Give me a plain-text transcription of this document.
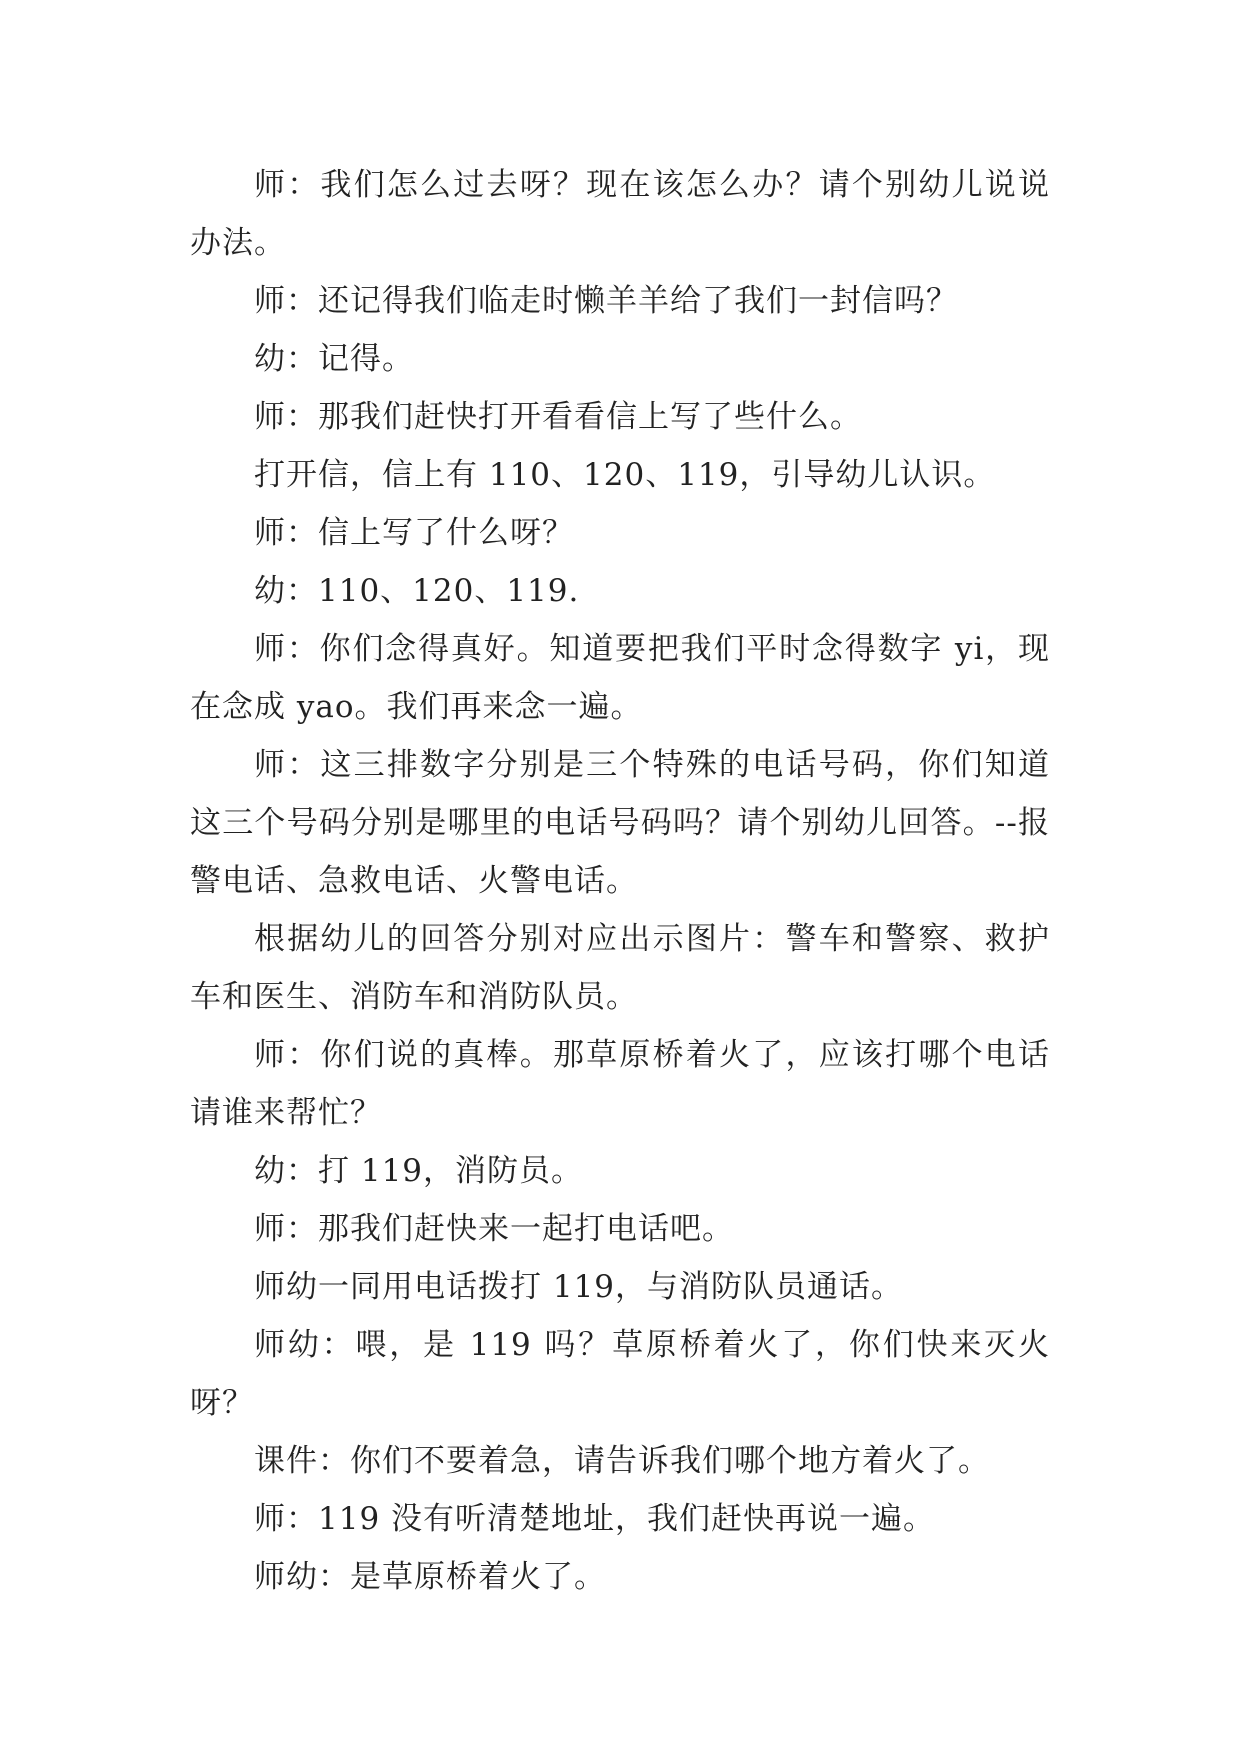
师：我们怎么过去呀？现在该怎么办？请个别幼儿说说办法。

师：还记得我们临走时懒羊羊给了我们一封信吗？

幼：记得。

师：那我们赶快打开看看信上写了些什么。

打开信，信上有 110、120、119，引导幼儿认识。

师：信上写了什么呀？

幼：110、120、119.

师：你们念得真好。知道要把我们平时念得数字 yi，现在念成 yao。我们再来念一遍。

师：这三排数字分别是三个特殊的电话号码，你们知道这三个号码分别是哪里的电话号码吗？请个别幼儿回答。--报警电话、急救电话、火警电话。

根据幼儿的回答分别对应出示图片：警车和警察、救护车和医生、消防车和消防队员。

师：你们说的真棒。那草原桥着火了，应该打哪个电话请谁来帮忙？

幼：打 119，消防员。

师：那我们赶快来一起打电话吧。

师幼一同用电话拨打 119，与消防队员通话。

师幼：喂，是 119 吗？草原桥着火了，你们快来灭火呀？

课件：你们不要着急，请告诉我们哪个地方着火了。

师：119 没有听清楚地址，我们赶快再说一遍。

师幼：是草原桥着火了。
